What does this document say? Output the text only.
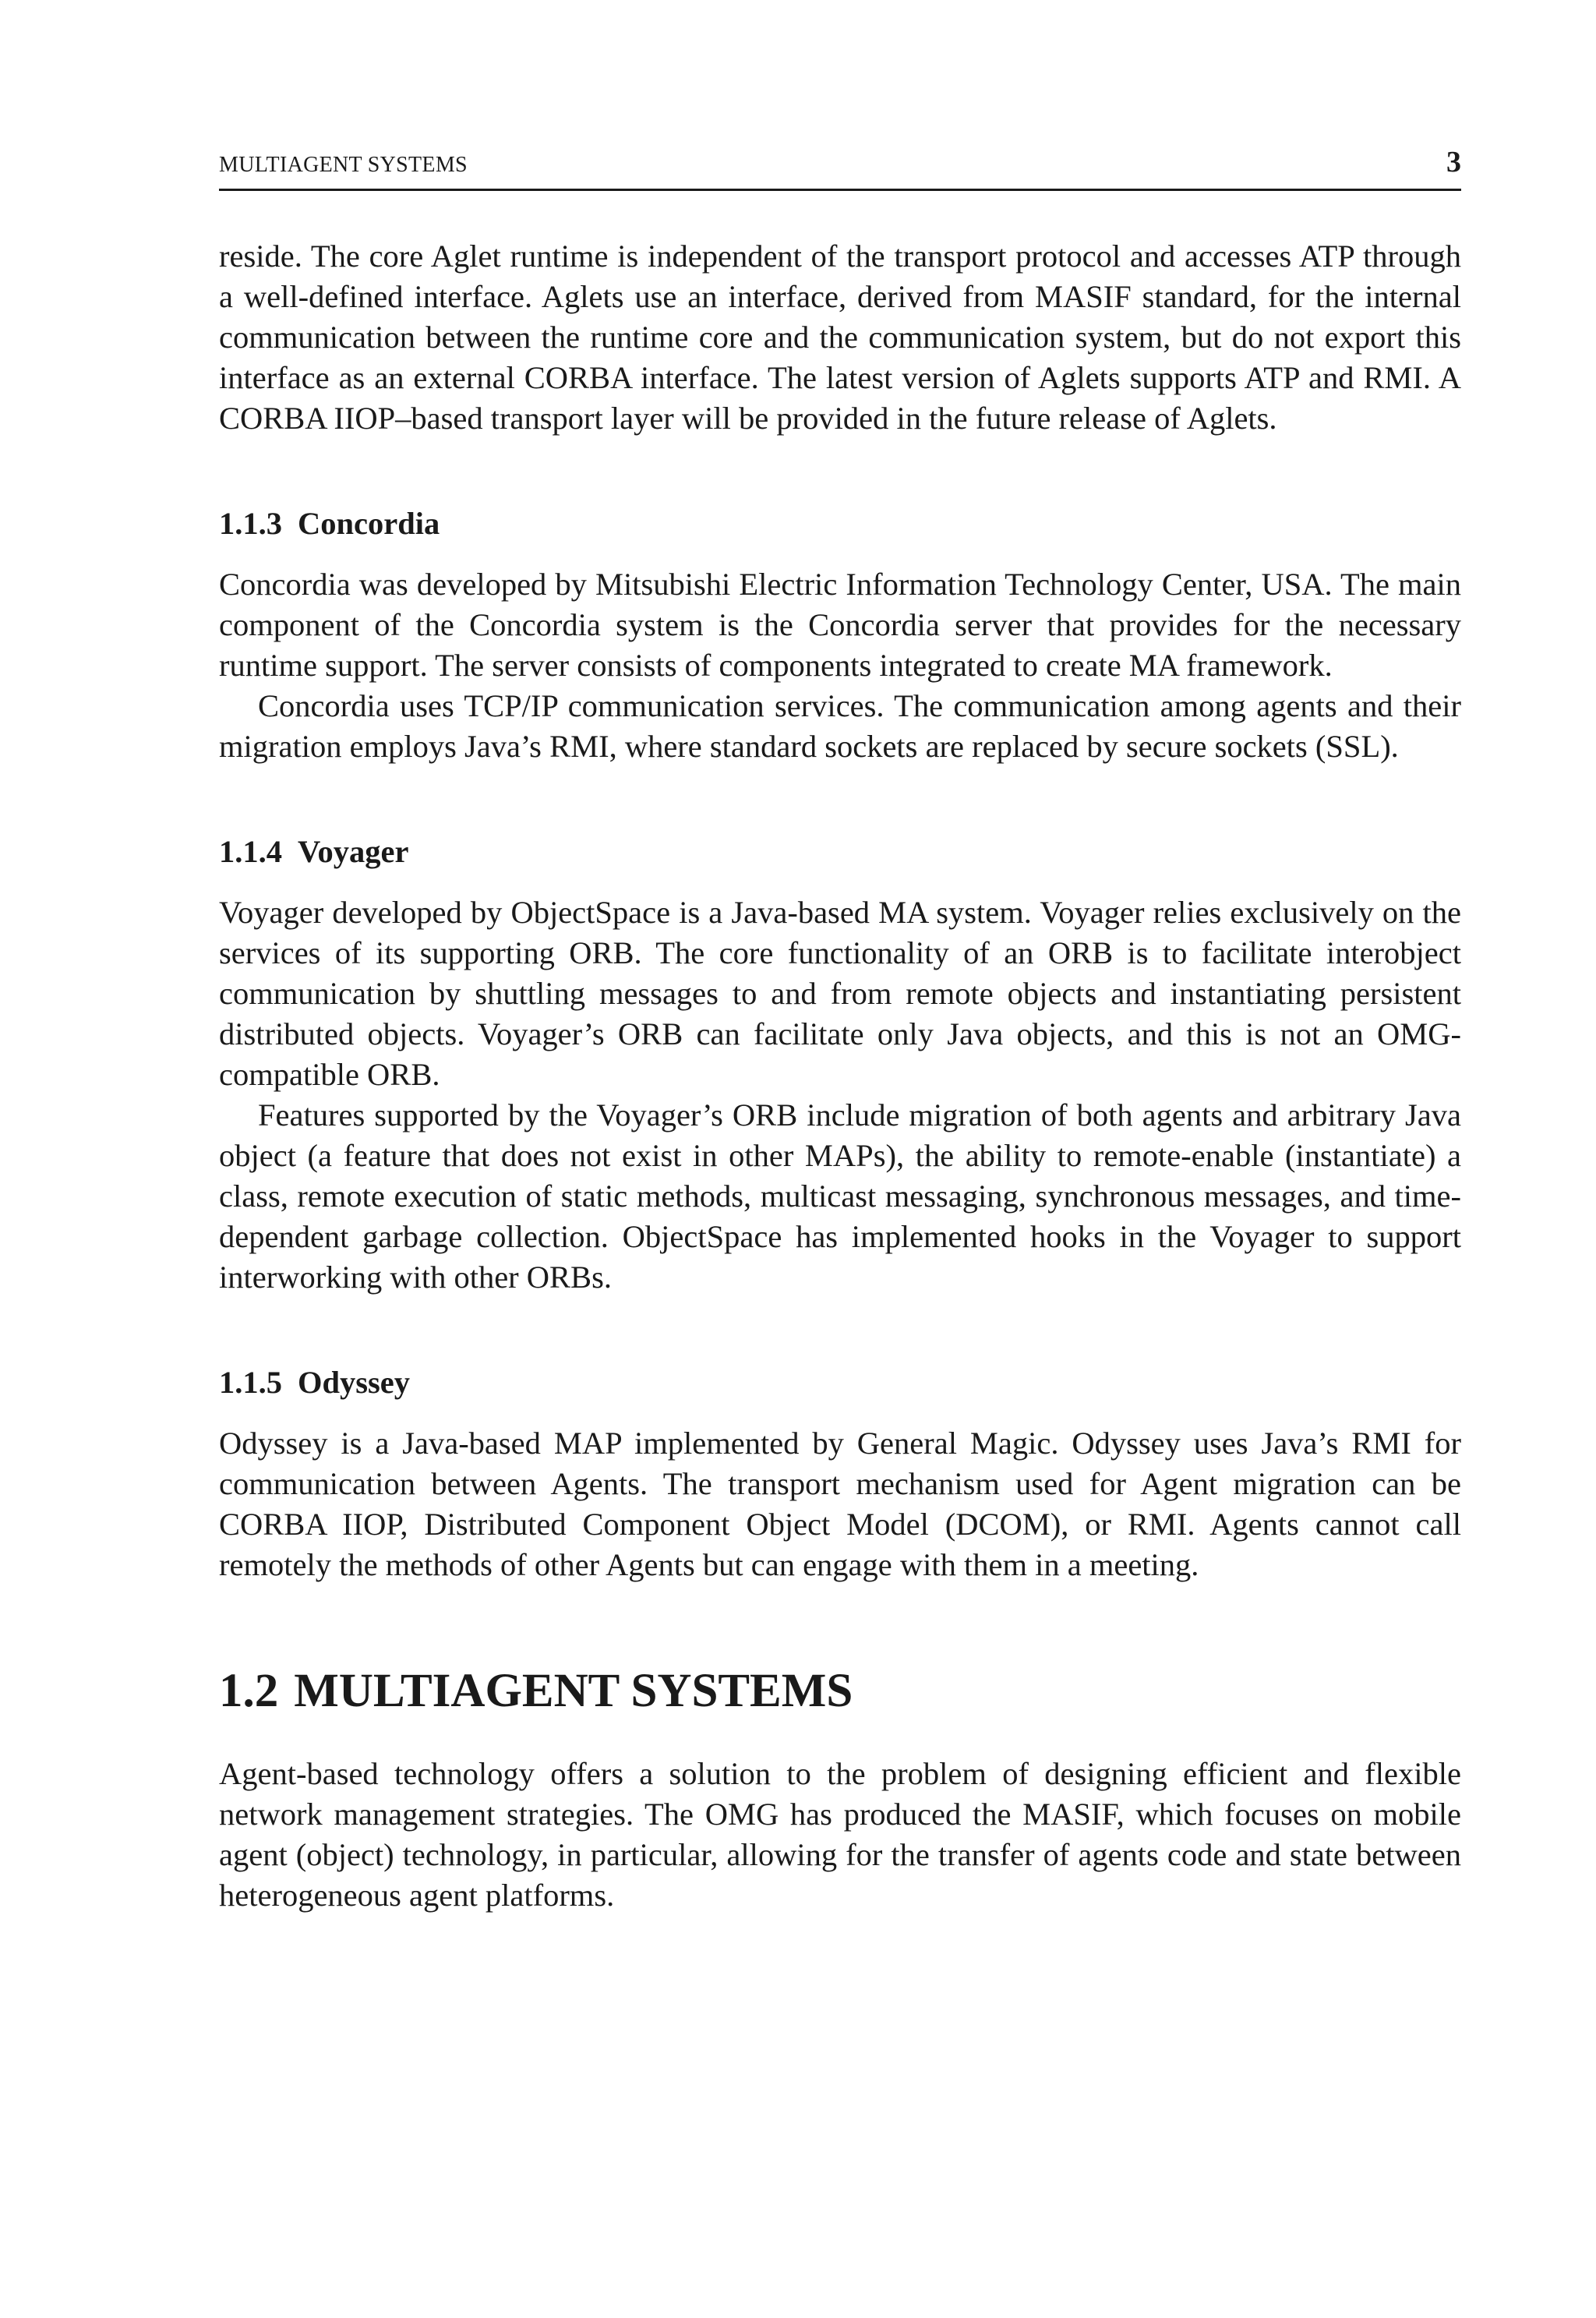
MULTIAGENT SYSTEMS	3

reside. The core Aglet runtime is independent of the transport protocol and accesses ATP through a well-defined interface. Aglets use an interface, derived from MASIF standard, for the internal communication between the runtime core and the communication system, but do not export this interface as an external CORBA interface. The latest version of Aglets supports ATP and RMI. A CORBA IIOP–based transport layer will be provided in the future release of Aglets.

1.1.3 Concordia

Concordia was developed by Mitsubishi Electric Information Technology Center, USA. The main component of the Concordia system is the Concordia server that provides for the necessary runtime support. The server consists of components integrated to create MA framework.

Concordia uses TCP/IP communication services. The communication among agents and their migration employs Java’s RMI, where standard sockets are replaced by secure sockets (SSL).

1.1.4 Voyager

Voyager developed by ObjectSpace is a Java-based MA system. Voyager relies exclusively on the services of its supporting ORB. The core functionality of an ORB is to facilitate interobject communication by shuttling messages to and from remote objects and instantiating persistent distributed objects. Voyager’s ORB can facilitate only Java objects, and this is not an OMG-compatible ORB.

Features supported by the Voyager’s ORB include migration of both agents and arbitrary Java object (a feature that does not exist in other MAPs), the ability to remote-enable (instantiate) a class, remote execution of static methods, multicast messaging, synchronous messages, and time-dependent garbage collection. ObjectSpace has implemented hooks in the Voyager to support interworking with other ORBs.

1.1.5 Odyssey

Odyssey is a Java-based MAP implemented by General Magic. Odyssey uses Java’s RMI for communication between Agents. The transport mechanism used for Agent migration can be CORBA IIOP, Distributed Component Object Model (DCOM), or RMI. Agents cannot call remotely the methods of other Agents but can engage with them in a meeting.

1.2 MULTIAGENT SYSTEMS

Agent-based technology offers a solution to the problem of designing efficient and flexible network management strategies. The OMG has produced the MASIF, which focuses on mobile agent (object) technology, in particular, allowing for the transfer of agents code and state between heterogeneous agent platforms.
